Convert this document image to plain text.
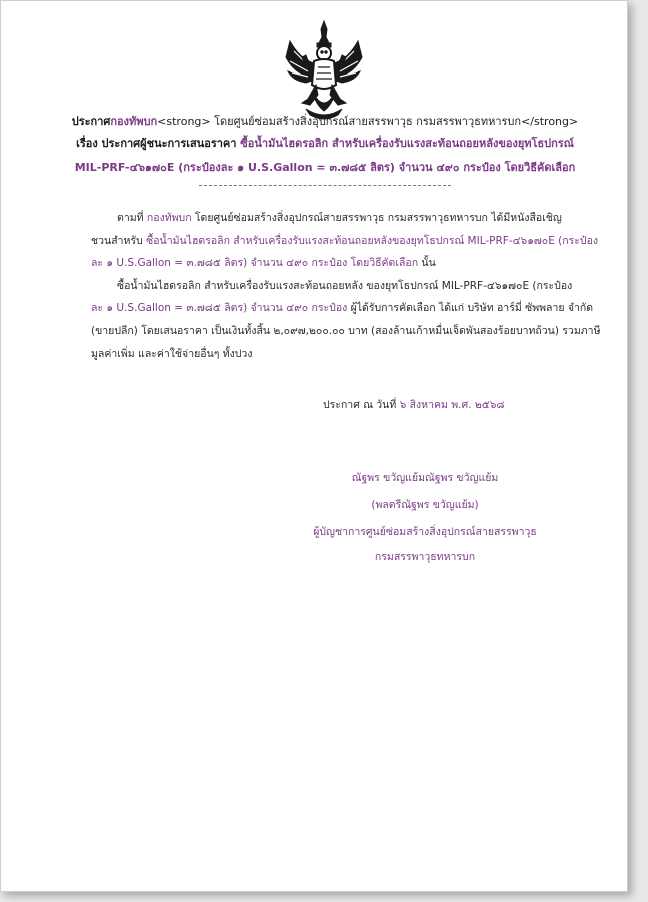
ประกาศกองทัพบก<strong> โดยศูนย์ซ่อมสร้างสิ่งอุปกรณ์สายสรรพาวุธ กรมสรรพาวุธทหารบก</strong>
เรื่อง ประกาศผู้ชนะการเสนอราคา ซื้อน้ำมันไฮดรอลิก สำหรับเครื่องรับแรงสะท้อนถอยหลังของยุทโธปกรณ์
MIL-PRF-๔๖๑๗๐E (กระป๋องละ ๑ U.S.Gallon = ๓.๗๘๕ ลิตร) จำนวน ๔๙๐ กระป๋อง โดยวิธีคัดเลือก
ตามที่ กองทัพบก โดยศูนย์ซ่อมสร้างสิ่งอุปกรณ์สายสรรพาวุธ กรมสรรพาวุธทหารบก ได้มีหนังสือเชิญ
ชวนสำหรับ ซื้อน้ำมันไฮดรอลิก สำหรับเครื่องรับแรงสะท้อนถอยหลังของยุทโธปกรณ์ MIL-PRF-๔๖๑๗๐E (กระป๋อง
ละ ๑ U.S.Gallon = ๓.๗๘๕ ลิตร) จำนวน ๔๙๐ กระป๋อง โดยวิธีคัดเลือก นั้น
ซื้อน้ำมันไฮดรอลิก สำหรับเครื่องรับแรงสะท้อนถอยหลัง ของยุทโธปกรณ์ MIL-PRF-๔๖๑๗๐E (กระป๋อง
ละ ๑ U.S.Gallon = ๓.๗๘๕ ลิตร) จำนวน ๔๙๐ กระป๋อง ผู้ได้รับการคัดเลือก ได้แก่ บริษัท อาร์มี่ ซัพพลาย จำกัด
(ขายปลีก) โดยเสนอราคา เป็นเงินทั้งสิ้น ๒,๐๙๗,๒๐๐.๐๐ บาท (สองล้านเก้าหมื่นเจ็ดพันสองร้อยบาทถ้วน) รวมภาษี
มูลค่าเพิ่ม และค่าใช้จ่ายอื่นๆ ทั้งปวง
ประกาศ ณ วันที่ ๖ สิงหาคม พ.ศ. ๒๕๖๘
ณัฐพร ขวัญแย้มณัฐพร ขวัญแย้ม
(พลตรีณัฐพร ขวัญแย้ม)
ผู้บัญชาการศูนย์ซ่อมสร้างสิ่งอุปกรณ์สายสรรพาวุธ
กรมสรรพาวุธทหารบก
